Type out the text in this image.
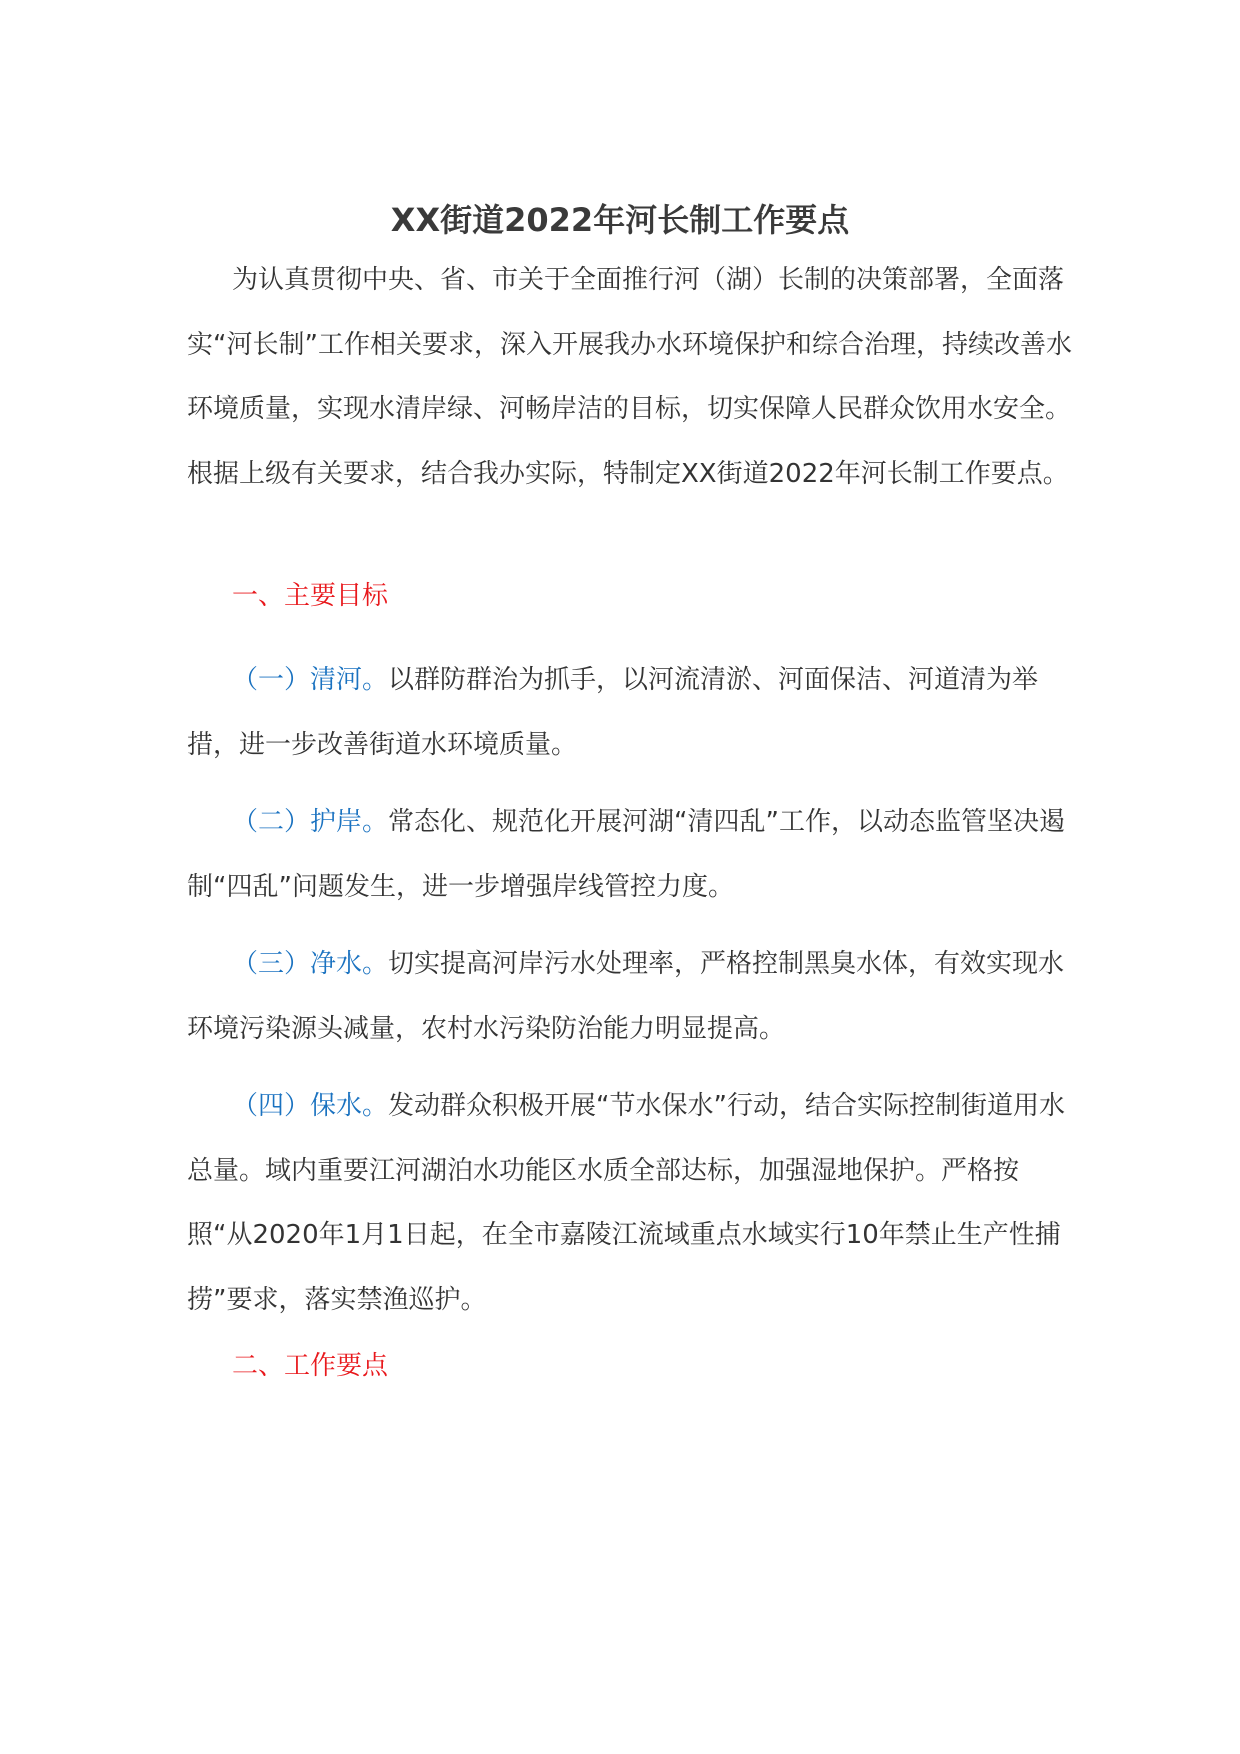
XX街道2022年河长制工作要点

为认真贯彻中央、省、市关于全面推行河（湖）长制的决策部署，全面落实“河长制”工作相关要求，深入开展我办水环境保护和综合治理，持续改善水环境质量，实现水清岸绿、河畅岸洁的目标，切实保障人民群众饮用水安全。根据上级有关要求，结合我办实际，特制定XX街道2022年河长制工作要点。

一、主要目标

（一）清河。以群防群治为抓手，以河流清淤、河面保洁、河道清为举措，进一步改善街道水环境质量。

（二）护岸。常态化、规范化开展河湖“清四乱”工作，以动态监管坚决遏制“四乱”问题发生，进一步增强岸线管控力度。

（三）净水。切实提高河岸污水处理率，严格控制黑臭水体，有效实现水环境污染源头减量，农村水污染防治能力明显提高。

（四）保水。发动群众积极开展“节水保水”行动，结合实际控制街道用水总量。域内重要江河湖泊水功能区水质全部达标，加强湿地保护。严格按照“从2020年1月1日起，在全市嘉陵江流域重点水域实行10年禁止生产性捕捞”要求，落实禁渔巡护。

二、工作要点
